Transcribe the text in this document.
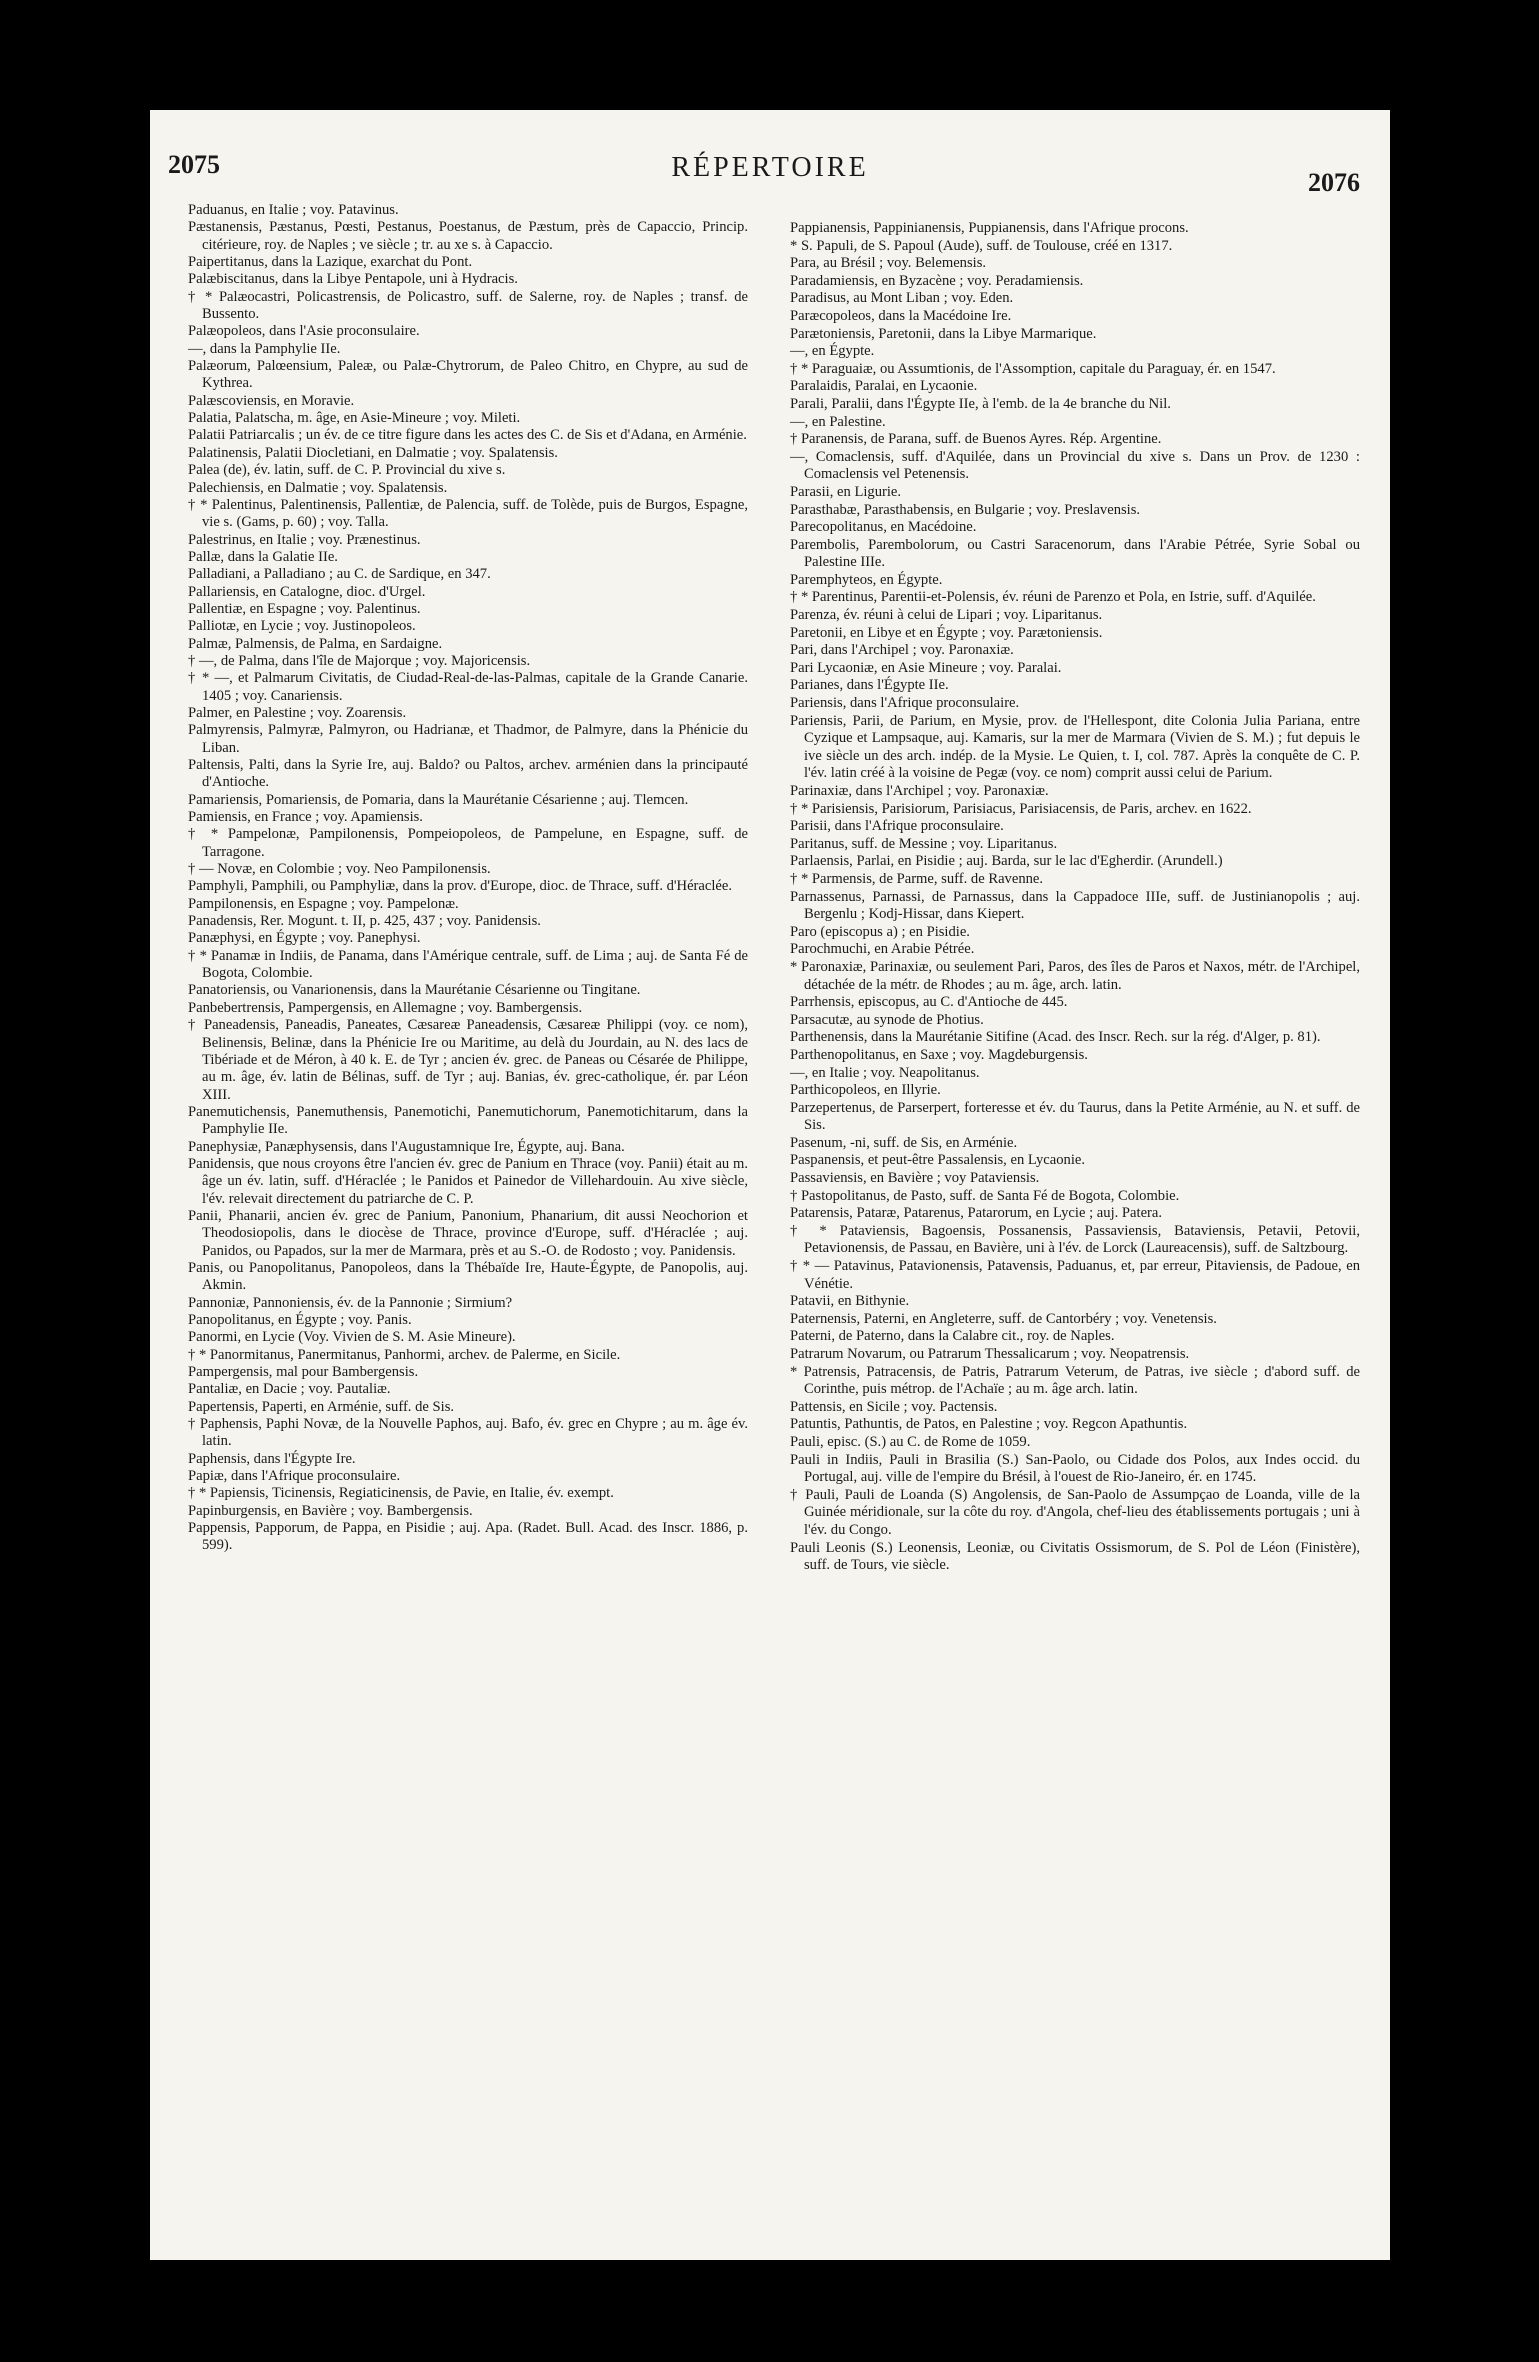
2075	RÉPERTOIRE	2076

Paduanus, en Italie ; voy. Patavinus.

Pæstanensis, Pæstanus, Pœsti, Pestanus, Poestanus, de Pæstum, près de Capaccio, Princip. citérieure, roy. de Naples ; ve siècle ; tr. au xe s. à Capaccio.

Paipertitanus, dans la Lazique, exarchat du Pont.

Palæbiscitanus, dans la Libye Pentapole, uni à Hydracis.

† * Palæocastri, Policastrensis, de Policastro, suff. de Salerne, roy. de Naples ; transf. de Bussento.

Palæopoleos, dans l'Asie proconsulaire.

—, dans la Pamphylie IIe.

Palæorum, Palœensium, Paleæ, ou Palæ-Chytrorum, de Paleo Chitro, en Chypre, au sud de Kythrea.

Palæscoviensis, en Moravie.

Palatia, Palatscha, m. âge, en Asie-Mineure ; voy. Mileti.

Palatii Patriarcalis ; un év. de ce titre figure dans les actes des C. de Sis et d'Adana, en Arménie.

Palatinensis, Palatii Diocletiani, en Dalmatie ; voy. Spalatensis.

Palea (de), év. latin, suff. de C. P. Provincial du xive s.

Palechiensis, en Dalmatie ; voy. Spalatensis.

† * Palentinus, Palentinensis, Pallentiæ, de Palencia, suff. de Tolède, puis de Burgos, Espagne, vie s. (Gams, p. 60) ; voy. Talla.

Palestrinus, en Italie ; voy. Prænestinus.

Pallæ, dans la Galatie IIe.

Palladiani, a Palladiano ; au C. de Sardique, en 347.

Pallariensis, en Catalogne, dioc. d'Urgel.

Pallentiæ, en Espagne ; voy. Palentinus.

Palliotæ, en Lycie ; voy. Justinopoleos.

Palmæ, Palmensis, de Palma, en Sardaigne.

† —, de Palma, dans l'île de Majorque ; voy. Majoricensis.

† * —, et Palmarum Civitatis, de Ciudad-Real-de-las-Palmas, capitale de la Grande Canarie. 1405 ; voy. Canariensis.

Palmer, en Palestine ; voy. Zoarensis.

Palmyrensis, Palmyræ, Palmyron, ou Hadrianæ, et Thadmor, de Palmyre, dans la Phénicie du Liban.

Paltensis, Palti, dans la Syrie Ire, auj. Baldo? ou Paltos, archev. arménien dans la principauté d'Antioche.

Pamariensis, Pomariensis, de Pomaria, dans la Maurétanie Césarienne ; auj. Tlemcen.

Pamiensis, en France ; voy. Apamiensis.

† * Pampelonæ, Pampilonensis, Pompeiopoleos, de Pampelune, en Espagne, suff. de Tarragone.

† — Novæ, en Colombie ; voy. Neo Pampilonensis.

Pamphyli, Pamphili, ou Pamphyliæ, dans la prov. d'Europe, dioc. de Thrace, suff. d'Héraclée.

Pampilonensis, en Espagne ; voy. Pampelonæ.

Panadensis, Rer. Mogunt. t. II, p. 425, 437 ; voy. Panidensis.

Panæphysi, en Égypte ; voy. Panephysi.

† * Panamæ in Indiis, de Panama, dans l'Amérique centrale, suff. de Lima ; auj. de Santa Fé de Bogota, Colombie.

Panatoriensis, ou Vanarionensis, dans la Maurétanie Césarienne ou Tingitane.

Panbebertrensis, Pampergensis, en Allemagne ; voy. Bambergensis.

† Paneadensis, Paneadis, Paneates, Cæsareæ Paneadensis, Cæsareæ Philippi (voy. ce nom), Belinensis, Belinæ, dans la Phénicie Ire ou Maritime, au delà du Jourdain, au N. des lacs de Tibériade et de Méron, à 40 k. E. de Tyr ; ancien év. grec. de Paneas ou Césarée de Philippe, au m. âge, év. latin de Bélinas, suff. de Tyr ; auj. Banias, év. grec-catholique, ér. par Léon XIII.

Panemutichensis, Panemuthensis, Panemotichi, Panemutichorum, Panemotichitarum, dans la Pamphylie IIe.

Panephysiæ, Panæphysensis, dans l'Augustamnique Ire, Égypte, auj. Bana.

Panidensis, que nous croyons être l'ancien év. grec de Panium en Thrace (voy. Panii) était au m. âge un év. latin, suff. d'Héraclée ; le Panidos et Painedor de Villehardouin. Au xive siècle, l'év. relevait directement du patriarche de C. P.

Panii, Phanarii, ancien év. grec de Panium, Panonium, Phanarium, dit aussi Neochorion et Theodosiopolis, dans le diocèse de Thrace, province d'Europe, suff. d'Héraclée ; auj. Panidos, ou Papados, sur la mer de Marmara, près et au S.-O. de Rodosto ; voy. Panidensis.

Panis, ou Panopolitanus, Panopoleos, dans la Thébaïde Ire, Haute-Égypte, de Panopolis, auj. Akmin.

Pannoniæ, Pannoniensis, év. de la Pannonie ; Sirmium?

Panopolitanus, en Égypte ; voy. Panis.

Panormi, en Lycie (Voy. Vivien de S. M. Asie Mineure).

† * Panormitanus, Panermitanus, Panhormi, archev. de Palerme, en Sicile.

Pampergensis, mal pour Bambergensis.

Pantaliæ, en Dacie ; voy. Pautaliæ.

Papertensis, Paperti, en Arménie, suff. de Sis.

† Paphensis, Paphi Novæ, de la Nouvelle Paphos, auj. Bafo, év. grec en Chypre ; au m. âge év. latin.

Paphensis, dans l'Égypte Ire.

Papiæ, dans l'Afrique proconsulaire.

† * Papiensis, Ticinensis, Regiaticinensis, de Pavie, en Italie, év. exempt.

Papinburgensis, en Bavière ; voy. Bambergensis.

Pappensis, Papporum, de Pappa, en Pisidie ; auj. Apa. (Radet. Bull. Acad. des Inscr. 1886, p. 599).

Pappianensis, Pappinianensis, Puppianensis, dans l'Afrique procons.

* S. Papuli, de S. Papoul (Aude), suff. de Toulouse, créé en 1317.

Para, au Brésil ; voy. Belemensis.

Paradamiensis, en Byzacène ; voy. Peradamiensis.

Paradisus, au Mont Liban ; voy. Eden.

Paræcopoleos, dans la Macédoine Ire.

Parætoniensis, Paretonii, dans la Libye Marmarique.

—, en Égypte.

† * Paraguaiæ, ou Assumtionis, de l'Assomption, capitale du Paraguay, ér. en 1547.

Paralaidis, Paralai, en Lycaonie.

Parali, Paralii, dans l'Égypte IIe, à l'emb. de la 4e branche du Nil.

—, en Palestine.

† Paranensis, de Parana, suff. de Buenos Ayres. Rép. Argentine.

—, Comaclensis, suff. d'Aquilée, dans un Provincial du xive s. Dans un Prov. de 1230 : Comaclensis vel Petenensis.

Parasii, en Ligurie.

Parasthabæ, Parasthabensis, en Bulgarie ; voy. Preslavensis.

Parecopolitanus, en Macédoine.

Parembolis, Parembolorum, ou Castri Saracenorum, dans l'Arabie Pétrée, Syrie Sobal ou Palestine IIIe.

Paremphyteos, en Égypte.

† * Parentinus, Parentii-et-Polensis, év. réuni de Parenzo et Pola, en Istrie, suff. d'Aquilée.

Parenza, év. réuni à celui de Lipari ; voy. Liparitanus.

Paretonii, en Libye et en Égypte ; voy. Parætoniensis.

Pari, dans l'Archipel ; voy. Paronaxiæ.

Pari Lycaoniæ, en Asie Mineure ; voy. Paralai.

Parianes, dans l'Égypte IIe.

Pariensis, dans l'Afrique proconsulaire.

Pariensis, Parii, de Parium, en Mysie, prov. de l'Hellespont, dite Colonia Julia Pariana, entre Cyzique et Lampsaque, auj. Kamaris, sur la mer de Marmara (Vivien de S. M.) ; fut depuis le ive siècle un des arch. indép. de la Mysie. Le Quien, t. I, col. 787. Après la conquête de C. P. l'év. latin créé à la voisine de Pegæ (voy. ce nom) comprit aussi celui de Parium.

Parinaxiæ, dans l'Archipel ; voy. Paronaxiæ.

† * Parisiensis, Parisiorum, Parisiacus, Parisiacensis, de Paris, archev. en 1622.

Parisii, dans l'Afrique proconsulaire.

Paritanus, suff. de Messine ; voy. Liparitanus.

Parlaensis, Parlai, en Pisidie ; auj. Barda, sur le lac d'Egherdir. (Arundell.)

† * Parmensis, de Parme, suff. de Ravenne.

Parnassenus, Parnassi, de Parnassus, dans la Cappadoce IIIe, suff. de Justinianopolis ; auj. Bergenlu ; Kodj-Hissar, dans Kiepert.

Paro (episcopus a) ; en Pisidie.

Parochmuchi, en Arabie Pétrée.

* Paronaxiæ, Parinaxiæ, ou seulement Pari, Paros, des îles de Paros et Naxos, métr. de l'Archipel, détachée de la métr. de Rhodes ; au m. âge, arch. latin.

Parrhensis, episcopus, au C. d'Antioche de 445.

Parsacutæ, au synode de Photius.

Parthenensis, dans la Maurétanie Sitifine (Acad. des Inscr. Rech. sur la rég. d'Alger, p. 81).

Parthenopolitanus, en Saxe ; voy. Magdeburgensis.

—, en Italie ; voy. Neapolitanus.

Parthicopoleos, en Illyrie.

Parzepertenus, de Parserpert, forteresse et év. du Taurus, dans la Petite Arménie, au N. et suff. de Sis.

Pasenum, -ni, suff. de Sis, en Arménie.

Paspanensis, et peut-être Passalensis, en Lycaonie.

Passaviensis, en Bavière ; voy Pataviensis.

† Pastopolitanus, de Pasto, suff. de Santa Fé de Bogota, Colombie.

Patarensis, Pataræ, Patarenus, Patarorum, en Lycie ; auj. Patera.

† * Pataviensis, Bagoensis, Possanensis, Passaviensis, Bataviensis, Petavii, Petovii, Petavionensis, de Passau, en Bavière, uni à l'év. de Lorck (Laureacensis), suff. de Saltzbourg.

† * — Patavinus, Patavionensis, Patavensis, Paduanus, et, par erreur, Pitaviensis, de Padoue, en Vénétie.

Patavii, en Bithynie.

Paternensis, Paterni, en Angleterre, suff. de Cantorbéry ; voy. Venetensis.

Paterni, de Paterno, dans la Calabre cit., roy. de Naples.

Patrarum Novarum, ou Patrarum Thessalicarum ; voy. Neopatrensis.

* Patrensis, Patracensis, de Patris, Patrarum Veterum, de Patras, ive siècle ; d'abord suff. de Corinthe, puis métrop. de l'Achaïe ; au m. âge arch. latin.

Pattensis, en Sicile ; voy. Pactensis.

Patuntis, Pathuntis, de Patos, en Palestine ; voy. Regcon Apathuntis.

Pauli, episc. (S.) au C. de Rome de 1059.

Pauli in Indiis, Pauli in Brasilia (S.) San-Paolo, ou Cidade dos Polos, aux Indes occid. du Portugal, auj. ville de l'empire du Brésil, à l'ouest de Rio-Janeiro, ér. en 1745.

† Pauli, Pauli de Loanda (S) Angolensis, de San-Paolo de Assumpçao de Loanda, ville de la Guinée méridionale, sur la côte du roy. d'Angola, chef-lieu des établissements portugais ; uni à l'év. du Congo.

Pauli Leonis (S.) Leonensis, Leoniæ, ou Civitatis Ossismorum, de S. Pol de Léon (Finistère), suff. de Tours, vie siècle.
